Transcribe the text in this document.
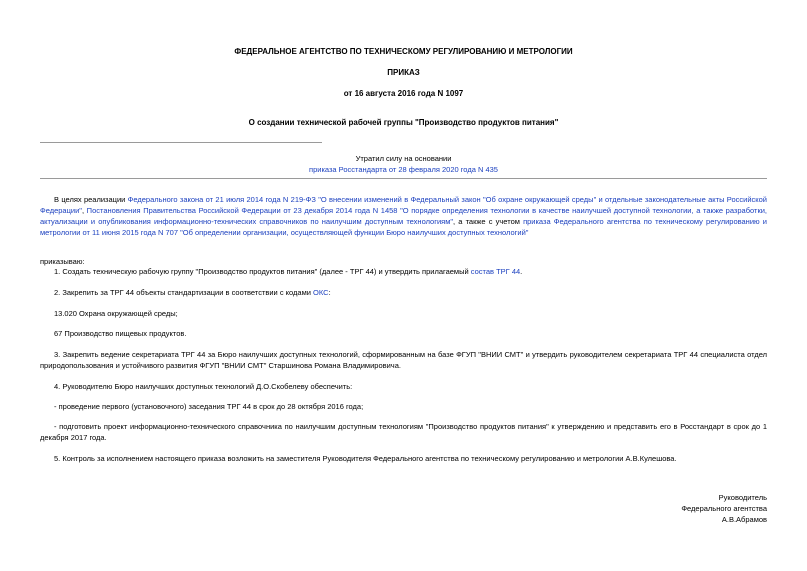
ФЕДЕРАЛЬНОЕ АГЕНТСТВО ПО ТЕХНИЧЕСКОМУ РЕГУЛИРОВАНИЮ И МЕТРОЛОГИИ
ПРИКАЗ
от 16 августа 2016 года N 1097
О создании технической рабочей группы "Производство продуктов питания"
Утратил силу на основании
приказа Росстандарта от 28 февраля 2020 года N 435
В целях реализации Федерального закона от 21 июля 2014 года N 219-ФЗ "О внесении изменений в Федеральный закон "Об охране окружающей среды" и отдельные законодательные акты Российской Федерации", Постановления Правительства Российской Федерации от 23 декабря 2014 года N 1458 "О порядке определения технологии в качестве наилучшей доступной технологии, а также разработки, актуализации и опубликования информационно-технических справочников по наилучшим доступным технологиям", а также с учетом приказа Федерального агентства по техническому регулированию и метрологии от 11 июня 2015 года N 707 "Об определении организации, осуществляющей функции Бюро наилучших доступных технологий"
приказываю:
1. Создать техническую рабочую группу "Производство продуктов питания" (далее - ТРГ 44) и утвердить прилагаемый состав ТРГ 44.
2. Закрепить за ТРГ 44 объекты стандартизации в соответствии с кодами ОКС:
13.020 Охрана окружающей среды;
67 Производство пищевых продуктов.
3. Закрепить ведение секретариата ТРГ 44 за Бюро наилучших доступных технологий, сформированным на базе ФГУП "ВНИИ СМТ" и утвердить руководителем секретариата ТРГ 44 специалиста отдел природопользования и устойчивого развития ФГУП "ВНИИ СМТ" Старшинова Романа Владимировича.
4. Руководителю Бюро наилучших доступных технологий Д.О.Скобелеву обеспечить:
- проведение первого (установочного) заседания ТРГ 44 в срок до 28 октября 2016 года;
- подготовить проект информационно-технического справочника по наилучшим доступным технологиям "Производство продуктов питания" к утверждению и представить его в Росстандарт в срок до 1 декабря 2017 года.
5. Контроль за исполнением настоящего приказа возложить на заместителя Руководителя Федерального агентства по техническому регулированию и метрологии А.В.Кулешова.
Руководитель
Федерального агентства
А.В.Абрамов
